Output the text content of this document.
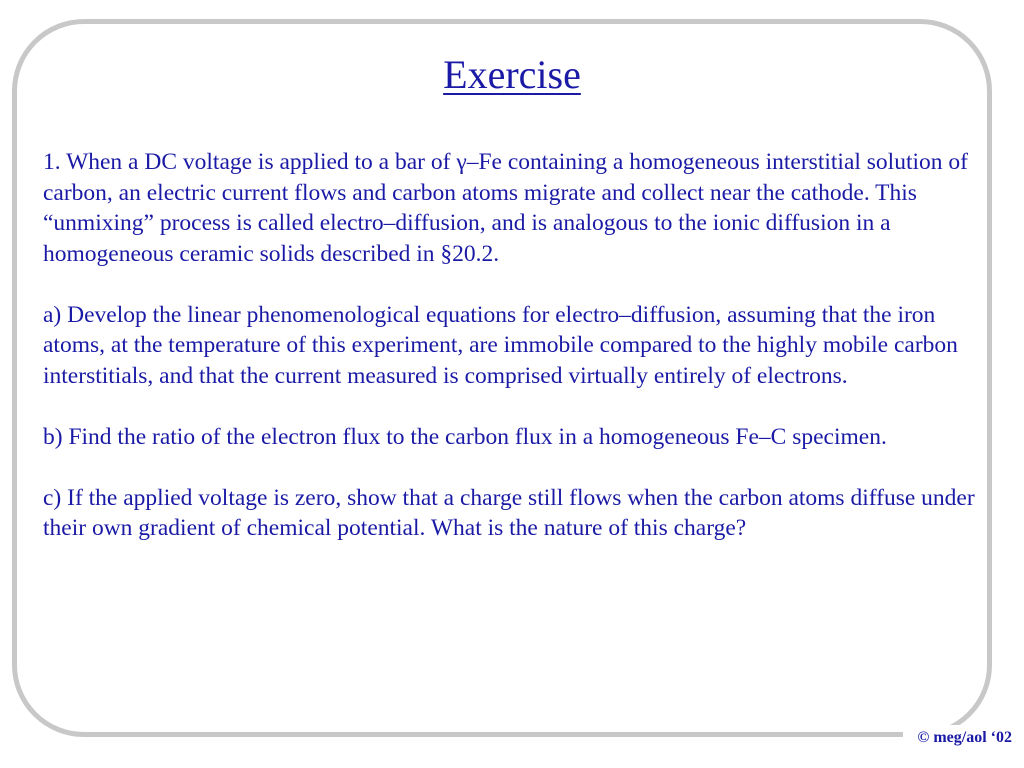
Exercise

1. When a DC voltage is applied to a bar of γ–Fe containing a homogeneous interstitial solution of carbon, an electric current flows and carbon atoms migrate and collect near the cathode. This “unmixing” process is called electro–diffusion, and is analogous to the ionic diffusion in a homogeneous ceramic solids described in §20.2.

a) Develop the linear phenomenological equations for electro–diffusion, assuming that the iron atoms, at the temperature of this experiment, are immobile compared to the highly mobile carbon interstitials, and that the current measured is comprised virtually entirely of electrons.

b) Find the ratio of the electron flux to the carbon flux in a homogeneous Fe–C specimen.

c) If the applied voltage is zero, show that a charge still flows when the carbon atoms diffuse under their own gradient of chemical potential. What is the nature of this charge?

© meg/aol ‘02
